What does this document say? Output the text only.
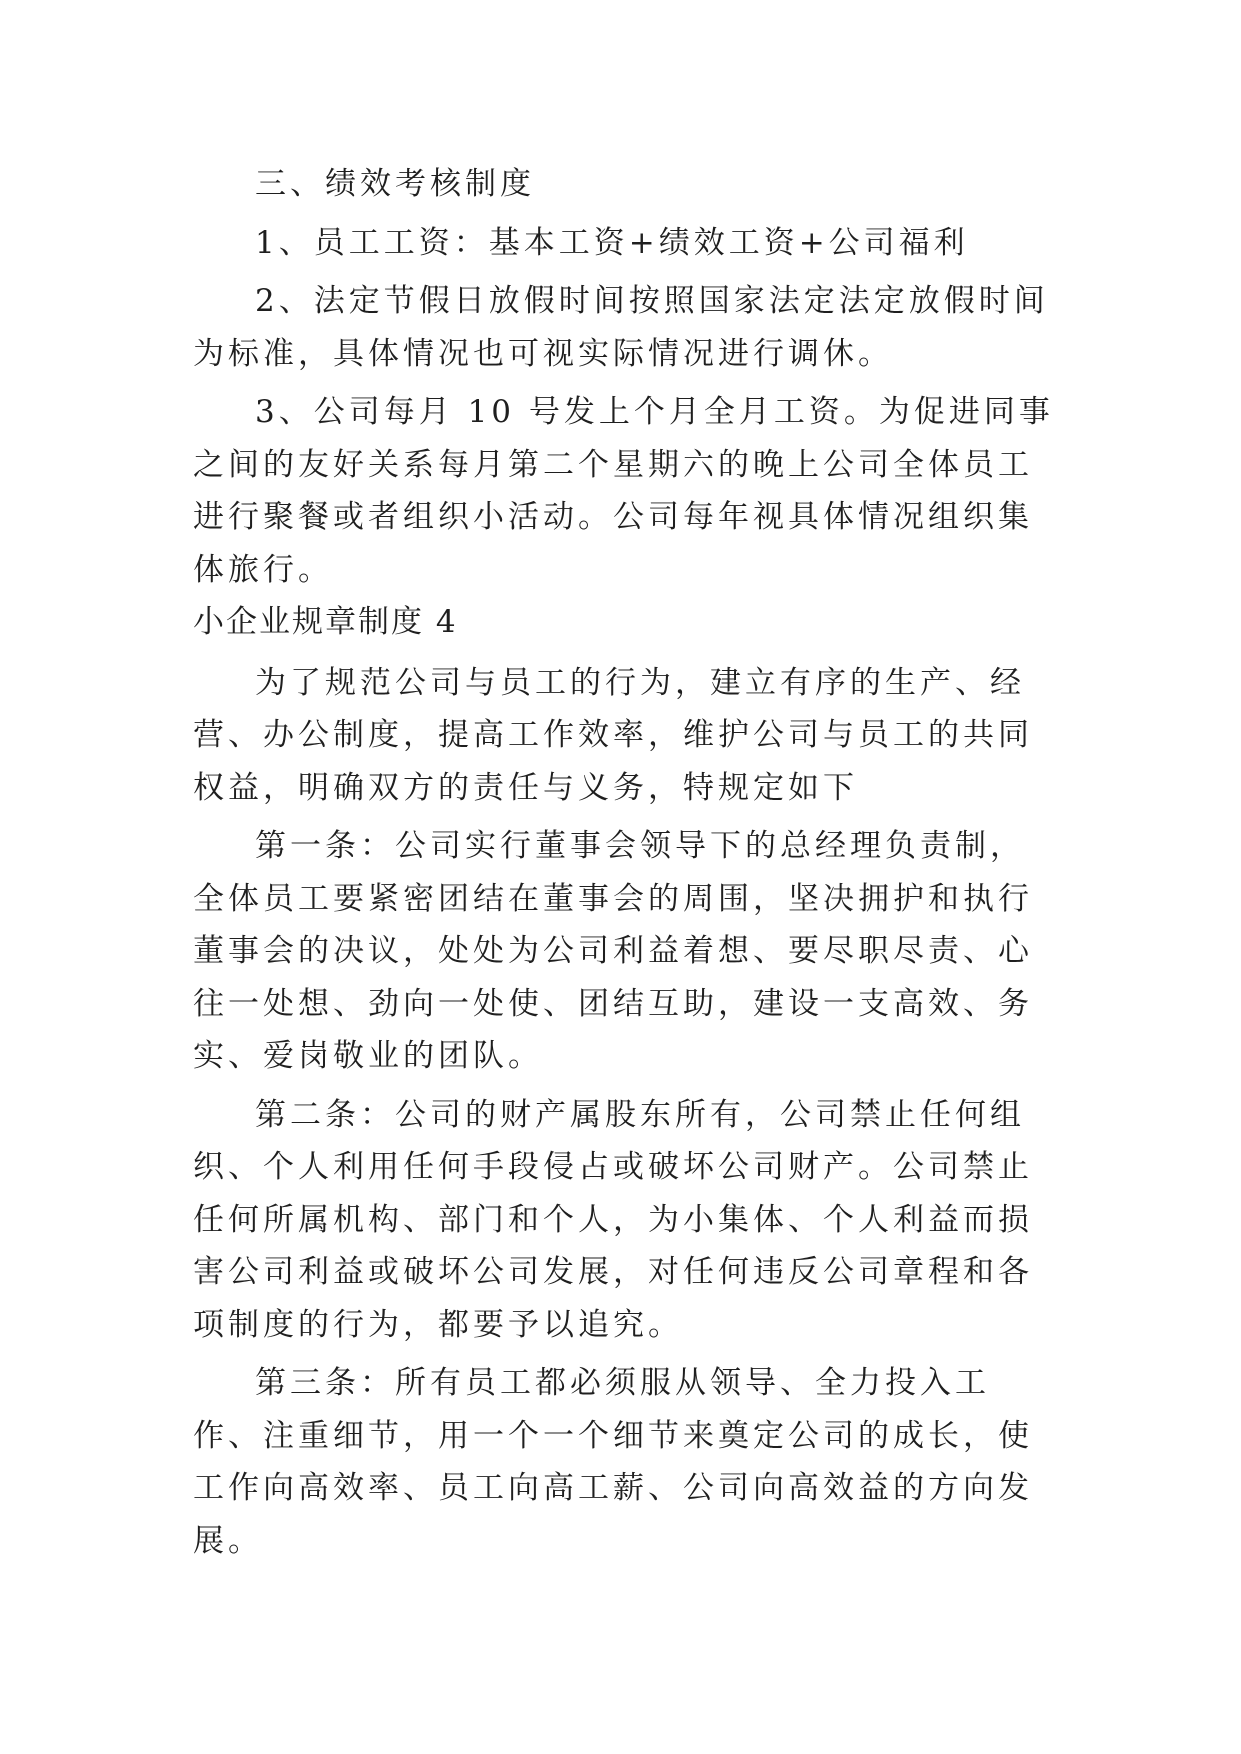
三、绩效考核制度

1、员工工资：基本工资+绩效工资+公司福利

2、法定节假日放假时间按照国家法定法定放假时间为标准，具体情况也可视实际情况进行调休。

3、公司每月 10 号发上个月全月工资。为促进同事之间的友好关系每月第二个星期六的晚上公司全体员工进行聚餐或者组织小活动。公司每年视具体情况组织集体旅行。

小企业规章制度 4

为了规范公司与员工的行为，建立有序的生产、经营、办公制度，提高工作效率，维护公司与员工的共同权益，明确双方的责任与义务，特规定如下

第一条：公司实行董事会领导下的总经理负责制，全体员工要紧密团结在董事会的周围，坚决拥护和执行董事会的决议，处处为公司利益着想、要尽职尽责、心往一处想、劲向一处使、团结互助，建设一支高效、务实、爱岗敬业的团队。

第二条：公司的财产属股东所有，公司禁止任何组织、个人利用任何手段侵占或破坏公司财产。公司禁止任何所属机构、部门和个人，为小集体、个人利益而损害公司利益或破坏公司发展，对任何违反公司章程和各项制度的行为，都要予以追究。

第三条：所有员工都必须服从领导、全力投入工作、注重细节，用一个一个细节来奠定公司的成长，使工作向高效率、员工向高工薪、公司向高效益的方向发展。
